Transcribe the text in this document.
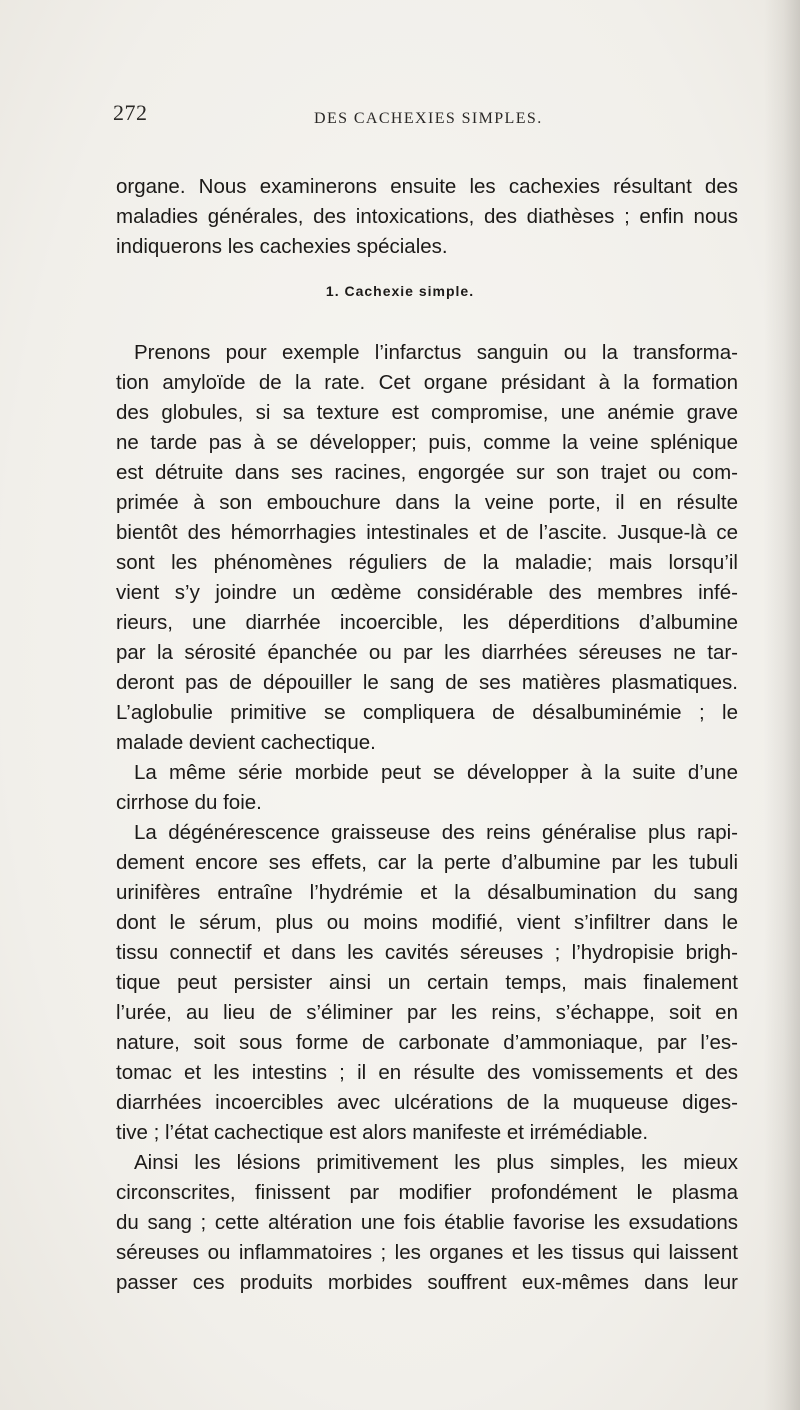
272	DES CACHEXIES SIMPLES.
organe. Nous examinerons ensuite les cachexies résultant des
maladies générales, des intoxications, des diathèses ; enfin nous
indiquerons les cachexies spéciales.
1. Cachexie simple.
Prenons pour exemple l’infarctus sanguin ou la transforma-
tion amyloïde de la rate. Cet organe présidant à la formation
des globules, si sa texture est compromise, une anémie grave
ne tarde pas à se développer; puis, comme la veine splénique
est détruite dans ses racines, engorgée sur son trajet ou com-
primée à son embouchure dans la veine porte, il en résulte
bientôt des hémorrhagies intestinales et de l’ascite. Jusque-là ce
sont les phénomènes réguliers de la maladie; mais lorsqu’il
vient s’y joindre un œdème considérable des membres infé-
rieurs, une diarrhée incoercible, les déperditions d’albumine
par la sérosité épanchée ou par les diarrhées séreuses ne tar-
deront pas de dépouiller le sang de ses matières plasmatiques.
L’aglobulie primitive se compliquera de désalbuminémie ; le
malade devient cachectique.
La même série morbide peut se développer à la suite d’une
cirrhose du foie.
La dégénérescence graisseuse des reins généralise plus rapi-
dement encore ses effets, car la perte d’albumine par les tubuli
urinifères entraîne l’hydrémie et la désalbumination du sang
dont le sérum, plus ou moins modifié, vient s’infiltrer dans le
tissu connectif et dans les cavités séreuses ; l’hydropisie brigh-
tique peut persister ainsi un certain temps, mais finalement
l’urée, au lieu de s’éliminer par les reins, s’échappe, soit en
nature, soit sous forme de carbonate d’ammoniaque, par l’es-
tomac et les intestins ; il en résulte des vomissements et des
diarrhées incoercibles avec ulcérations de la muqueuse diges-
tive ; l’état cachectique est alors manifeste et irrémédiable.
Ainsi les lésions primitivement les plus simples, les mieux
circonscrites, finissent par modifier profondément le plasma
du sang ; cette altération une fois établie favorise les exsudations
séreuses ou inflammatoires ; les organes et les tissus qui laissent
passer ces produits morbides souffrent eux-mêmes dans leur
